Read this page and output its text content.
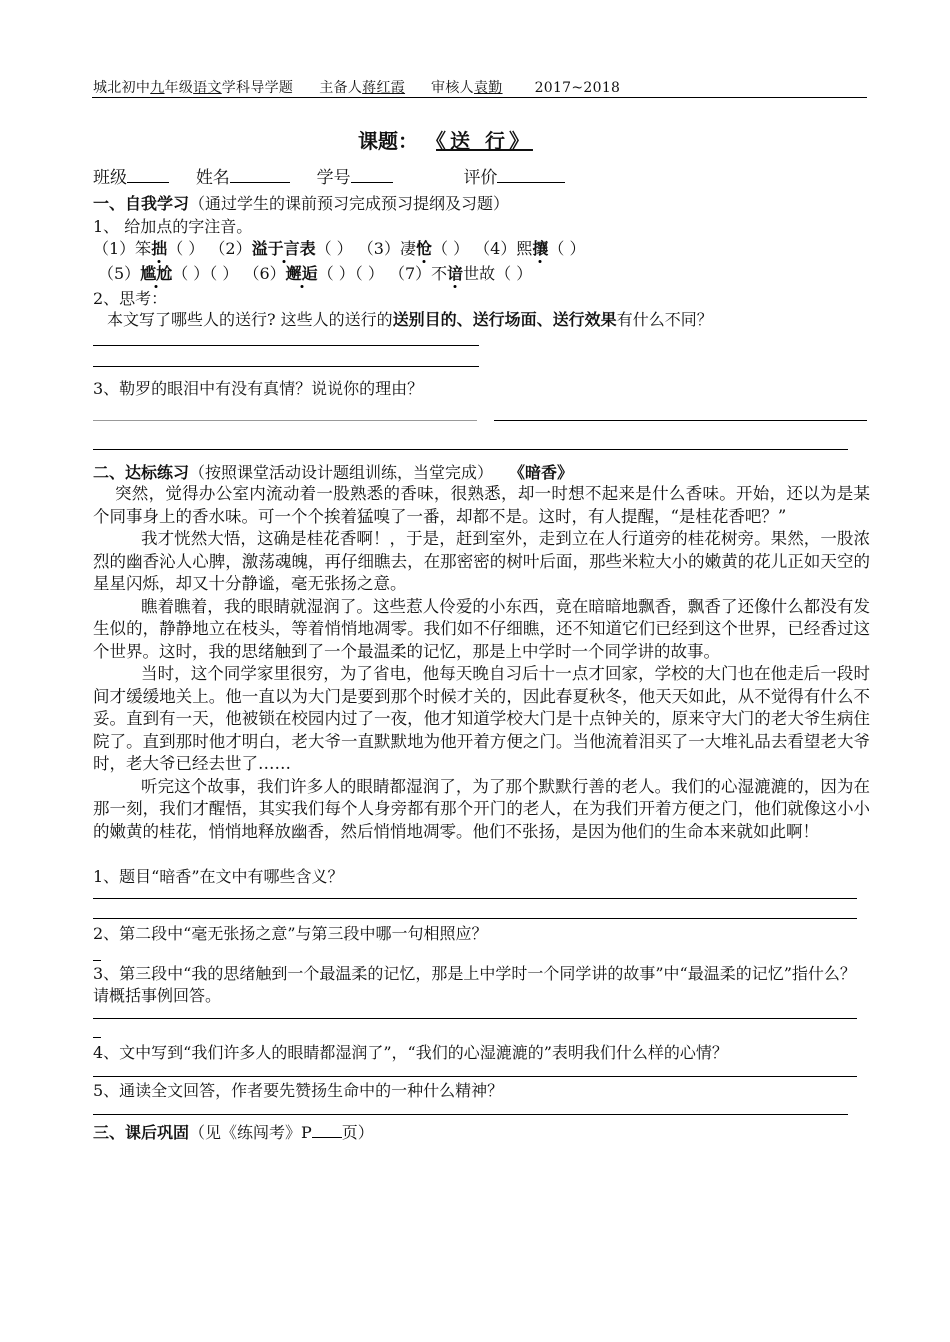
城北初中九年级语文学科导学题 主备人蒋红霞 审核人袁勤 2017~2018
课题： 《送 行》
班级	姓名	学号	评价
一、自我学习（通过学生的课前预习完成预习提纲及习题）
1、 给加点的字注音。
（1）笨拙（ ） （2）溢于言表（ ） （3）凄怆（ ） （4）熙攘（ ）
（5）尴尬（ ）（ ） （6）邂逅（ ）（ ） （7）不谙世故（ ）
2、思考：
本文写了哪些人的送行? 这些人的送行的送别目的、送行场面、送行效果有什么不同？
3、勒罗的眼泪中有没有真情？说说你的理由？
二、达标练习（按照课堂活动设计题组训练，当堂完成） 《暗香》

突然，觉得办公室内流动着一股熟悉的香味，很熟悉，却一时想不起来是什么香味。开始，还以为是某个同事身上的香水味。可一个个挨着猛嗅了一番，却都不是。这时，有人提醒，“是桂花香吧？”

我才恍然大悟，这确是桂花香啊！，于是，赶到室外，走到立在人行道旁的桂花树旁。果然，一股浓烈的幽香沁人心脾，激荡魂魄，再仔细瞧去，在那密密的树叶后面，那些米粒大小的嫩黄的花儿正如天空的星星闪烁，却又十分静谧，毫无张扬之意。

瞧着瞧着，我的眼睛就湿润了。这些惹人伶爱的小东西，竟在暗暗地飘香，飘香了还像什么都没有发生似的，静静地立在枝头，等着悄悄地凋零。我们如不仔细瞧，还不知道它们已经到这个世界，已经香过这个世界。这时，我的思绪触到了一个最温柔的记忆，那是上中学时一个同学讲的故事。

当时，这个同学家里很穷，为了省电，他每天晚自习后十一点才回家，学校的大门也在他走后一段时间才缓缓地关上。他一直以为大门是要到那个时候才关的，因此春夏秋冬，他天天如此，从不觉得有什么不妥。直到有一天，他被锁在校园内过了一夜，他才知道学校大门是十点钟关的，原来守大门的老大爷生病住院了。直到那时他才明白，老大爷一直默默地为他开着方便之门。当他流着泪买了一大堆礼品去看望老大爷时，老大爷已经去世了……

听完这个故事，我们许多人的眼睛都湿润了，为了那个默默行善的老人。我们的心湿漉漉的，因为在那一刻，我们才醒悟，其实我们每个人身旁都有那个开门的老人，在为我们开着方便之门，他们就像这小小的嫩黄的桂花，悄悄地释放幽香，然后悄悄地凋零。他们不张扬，是因为他们的生命本来就如此啊！

1、题目“暗香”在文中有哪些含义？
2、第二段中“毫无张扬之意”与第三段中哪一句相照应？
3、第三段中“我的思绪触到一个最温柔的记忆，那是上中学时一个同学讲的故事”中“最温柔的记忆”指什么？请概括事例回答。
4、文中写到“我们许多人的眼睛都湿润了”，“我们的心湿漉漉的”表明我们什么样的心情？
5、通读全文回答，作者要先赞扬生命中的一种什么精神？
三、课后巩固（见《练闯考》P 页）
